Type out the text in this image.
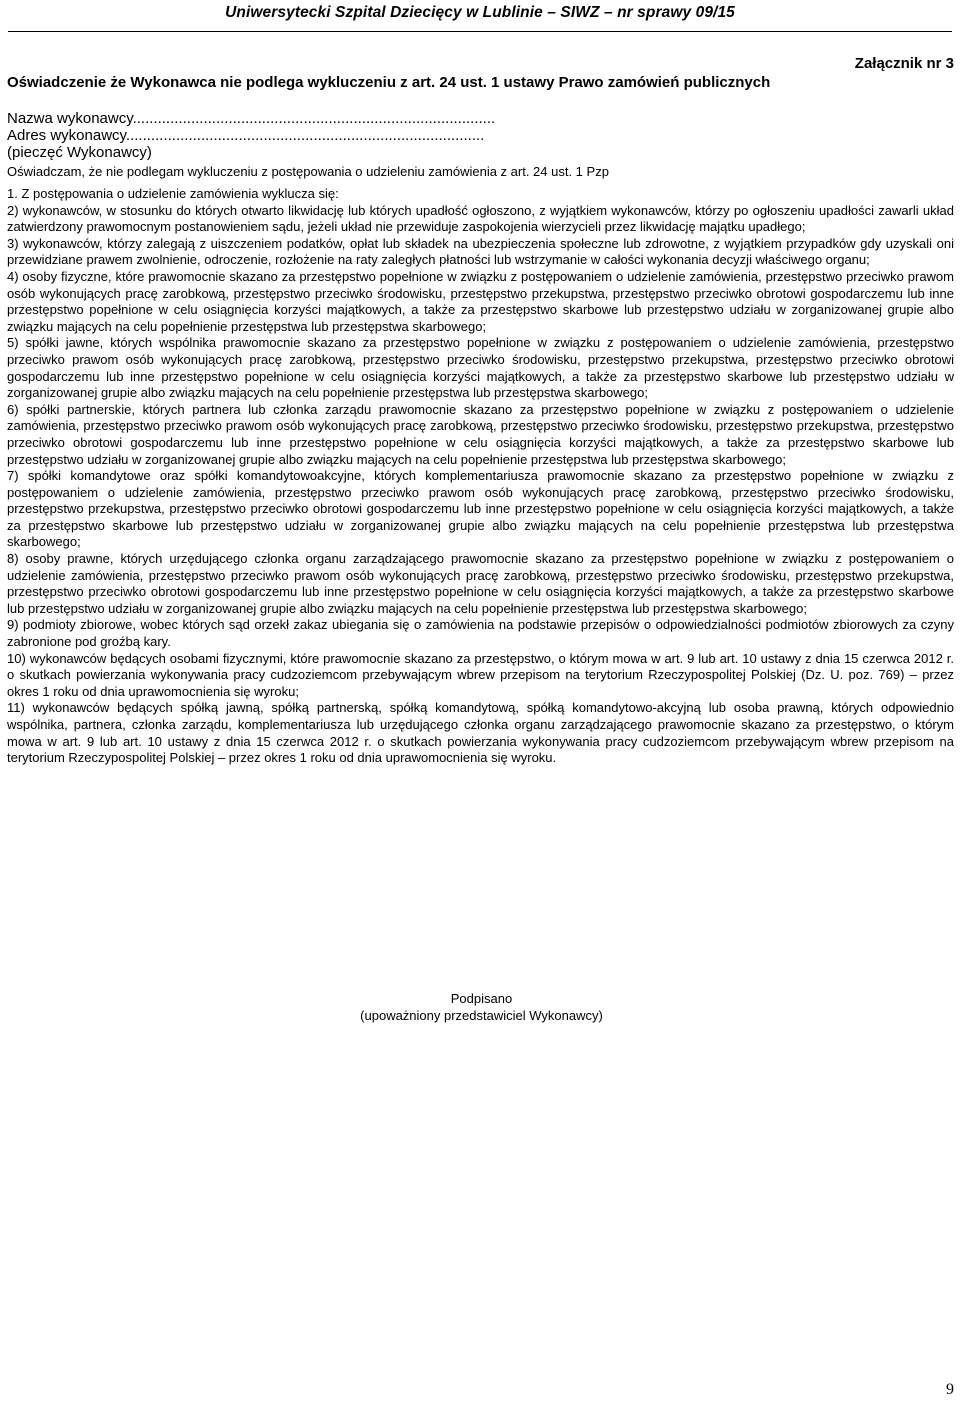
Uniwersytecki Szpital Dziecięcy w Lublinie – SIWZ – nr sprawy 09/15
Załącznik nr 3
Oświadczenie że Wykonawca nie podlega wykluczeniu z art. 24 ust. 1 ustawy Prawo zamówień publicznych
Nazwa wykonawcy.......................................................................................
Adres wykonawcy......................................................................................
(pieczęć Wykonawcy)
Oświadczam, że nie podlegam wykluczeniu z postępowania o udzieleniu zamówienia z art. 24 ust. 1 Pzp

1. Z postępowania o udzielenie zamówienia wyklucza się:

2) wykonawców, w stosunku do których otwarto likwidację lub których upadłość ogłoszono, z wyjątkiem wykonawców, którzy po ogłoszeniu upadłości zawarli układ zatwierdzony prawomocnym postanowieniem sądu, jeżeli układ nie przewiduje zaspokojenia wierzycieli przez likwidację majątku upadłego;

3) wykonawców, którzy zalegają z uiszczeniem podatków, opłat lub składek na ubezpieczenia społeczne lub zdrowotne, z wyjątkiem przypadków gdy uzyskali oni przewidziane prawem zwolnienie, odroczenie, rozłożenie na raty zaległych płatności lub wstrzymanie w całości wykonania decyzji właściwego organu;

4) osoby fizyczne, które prawomocnie skazano za przestępstwo popełnione w związku z postępowaniem o udzielenie zamówienia, przestępstwo przeciwko prawom osób wykonujących pracę zarobkową, przestępstwo przeciwko środowisku, przestępstwo przekupstwa, przestępstwo przeciwko obrotowi gospodarczemu lub inne przestępstwo popełnione w celu osiągnięcia korzyści majątkowych, a także za przestępstwo skarbowe lub przestępstwo udziału w zorganizowanej grupie albo związku mających na celu popełnienie przestępstwa lub przestępstwa skarbowego;

5) spółki jawne, których wspólnika prawomocnie skazano za przestępstwo popełnione w związku z postępowaniem o udzielenie zamówienia, przestępstwo przeciwko prawom osób wykonujących pracę zarobkową, przestępstwo przeciwko środowisku, przestępstwo przekupstwa, przestępstwo przeciwko obrotowi gospodarczemu lub inne przestępstwo popełnione w celu osiągnięcia korzyści majątkowych, a także za przestępstwo skarbowe lub przestępstwo udziału w zorganizowanej grupie albo związku mających na celu popełnienie przestępstwa lub przestępstwa skarbowego;

6) spółki partnerskie, których partnera lub członka zarządu prawomocnie skazano za przestępstwo popełnione w związku z postępowaniem o udzielenie zamówienia, przestępstwo przeciwko prawom osób wykonujących pracę zarobkową, przestępstwo przeciwko środowisku, przestępstwo przekupstwa, przestępstwo przeciwko obrotowi gospodarczemu lub inne przestępstwo popełnione w celu osiągnięcia korzyści majątkowych, a także za przestępstwo skarbowe lub przestępstwo udziału w zorganizowanej grupie albo związku mających na celu popełnienie przestępstwa lub przestępstwa skarbowego;

7) spółki komandytowe oraz spółki komandytowoakcyjne, których komplementariusza prawomocnie skazano za przestępstwo popełnione w związku z postępowaniem o udzielenie zamówienia, przestępstwo przeciwko prawom osób wykonujących pracę zarobkową, przestępstwo przeciwko środowisku, przestępstwo przekupstwa, przestępstwo przeciwko obrotowi gospodarczemu lub inne przestępstwo popełnione w celu osiągnięcia korzyści majątkowych, a także za przestępstwo skarbowe lub przestępstwo udziału w zorganizowanej grupie albo związku mających na celu popełnienie przestępstwa lub przestępstwa skarbowego;

8) osoby prawne, których urzędującego członka organu zarządzającego prawomocnie skazano za przestępstwo popełnione w związku z postępowaniem o udzielenie zamówienia, przestępstwo przeciwko prawom osób wykonujących pracę zarobkową, przestępstwo przeciwko środowisku, przestępstwo przekupstwa, przestępstwo przeciwko obrotowi gospodarczemu lub inne przestępstwo popełnione w celu osiągnięcia korzyści majątkowych, a także za przestępstwo skarbowe lub przestępstwo udziału w zorganizowanej grupie albo związku mających na celu popełnienie przestępstwa lub przestępstwa skarbowego;

9) podmioty zbiorowe, wobec których sąd orzekł zakaz ubiegania się o zamówienia na podstawie przepisów o odpowiedzialności podmiotów zbiorowych za czyny zabronione pod groźbą kary.

10) wykonawców będących osobami fizycznymi, które prawomocnie skazano za przestępstwo, o którym mowa w art. 9 lub art. 10 ustawy z dnia 15 czerwca 2012 r. o skutkach powierzania wykonywania pracy cudzoziemcom przebywającym wbrew przepisom na terytorium Rzeczypospolitej Polskiej (Dz. U. poz. 769) – przez okres 1 roku od dnia uprawomocnienia się wyroku;

11) wykonawców będących spółką jawną, spółką partnerską, spółką komandytową, spółką komandytowo-akcyjną lub osoba prawną, których odpowiednio wspólnika, partnera, członka zarządu, komplementariusza lub urzędującego członka organu zarządzającego prawomocnie skazano za przestępstwo, o którym mowa w art. 9 lub art. 10 ustawy z dnia 15 czerwca 2012 r. o skutkach powierzania wykonywania pracy cudzoziemcom przebywającym wbrew przepisom na terytorium Rzeczypospolitej Polskiej – przez okres 1 roku od dnia uprawomocnienia się wyroku.

Podpisano
(upoważniony przedstawiciel Wykonawcy)
9
